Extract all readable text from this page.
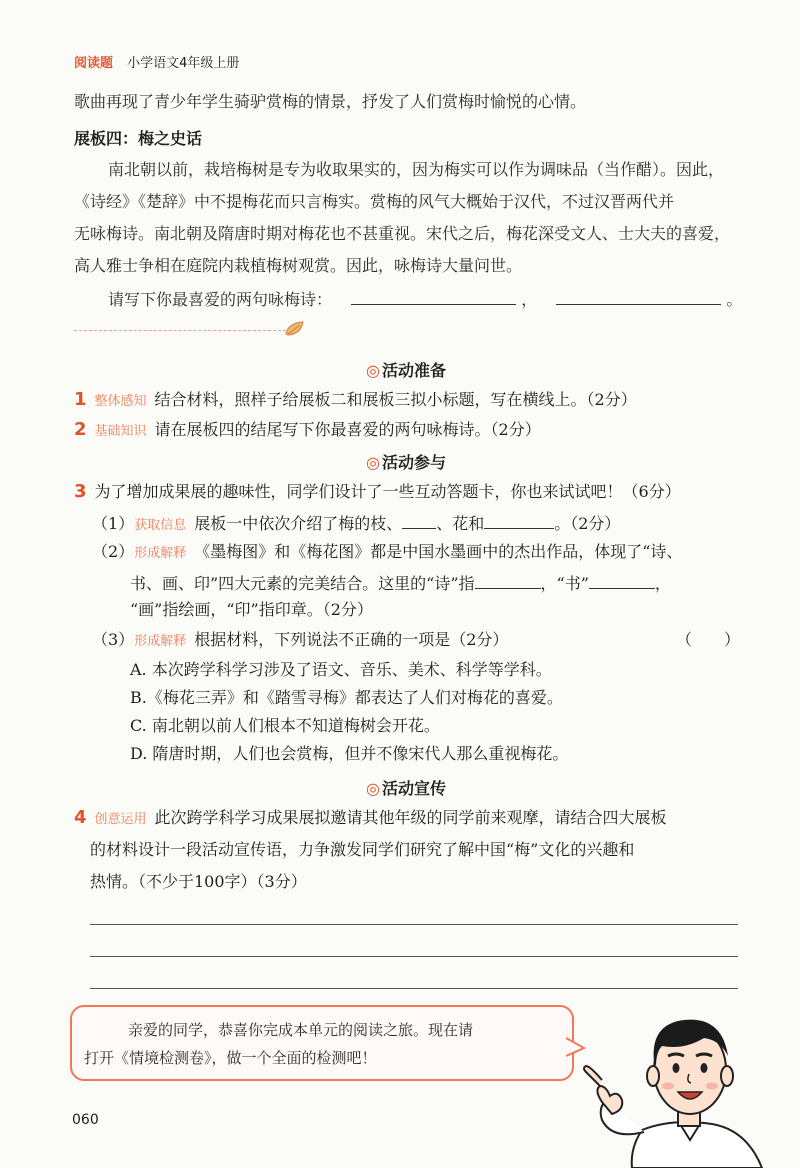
阅读题 小学语文4年级上册
歌曲再现了青少年学生骑驴赏梅的情景，抒发了人们赏梅时愉悦的心情。
展板四：梅之史话
南北朝以前，栽培梅树是专为收取果实的，因为梅实可以作为调味品（当作醋）。因此，
《诗经》《楚辞》中不提梅花而只言梅实。赏梅的风气大概始于汉代，不过汉晋两代并
无咏梅诗。南北朝及隋唐时期对梅花也不甚重视。宋代之后，梅花深受文人、士大夫的喜爱，
高人雅士争相在庭院内栽植梅树观赏。因此，咏梅诗大量问世。
请写下你最喜爱的两句咏梅诗：	，	。
◎ 活动准备
1 整体感知 结合材料，照样子给展板二和展板三拟小标题，写在横线上。（2分）
2 基础知识 请在展板四的结尾写下你最喜爱的两句咏梅诗。（2分）
◎ 活动参与
3 为了增加成果展的趣味性，同学们设计了一些互动答题卡，你也来试试吧！（6分）
（1）获取信息 展板一中依次介绍了梅的枝、 、花和	。（2分）
（2）形成解释 《墨梅图》和《梅花图》都是中国水墨画中的杰出作品，体现了“诗、
书、画、印”四大元素的完美结合。这里的“诗”指	，“书”	，
“画”指绘画，“印”指印章。（2分）
（3）形成解释 根据材料，下列说法不正确的一项是（2分）	（　　）
A. 本次跨学科学习涉及了语文、音乐、美术、科学等学科。
B.《梅花三弄》和《踏雪寻梅》都表达了人们对梅花的喜爱。
C. 南北朝以前人们根本不知道梅树会开花。
D. 隋唐时期，人们也会赏梅，但并不像宋代人那么重视梅花。
◎ 活动宣传
4 创意运用 此次跨学科学习成果展拟邀请其他年级的同学前来观摩，请结合四大展板
的材料设计一段活动宣传语，力争激发同学们研究了解中国“梅”文化的兴趣和
热情。（不少于100字）（3分）
亲爱的同学，恭喜你完成本单元的阅读之旅。现在请
打开《情境检测卷》，做一个全面的检测吧！
060
